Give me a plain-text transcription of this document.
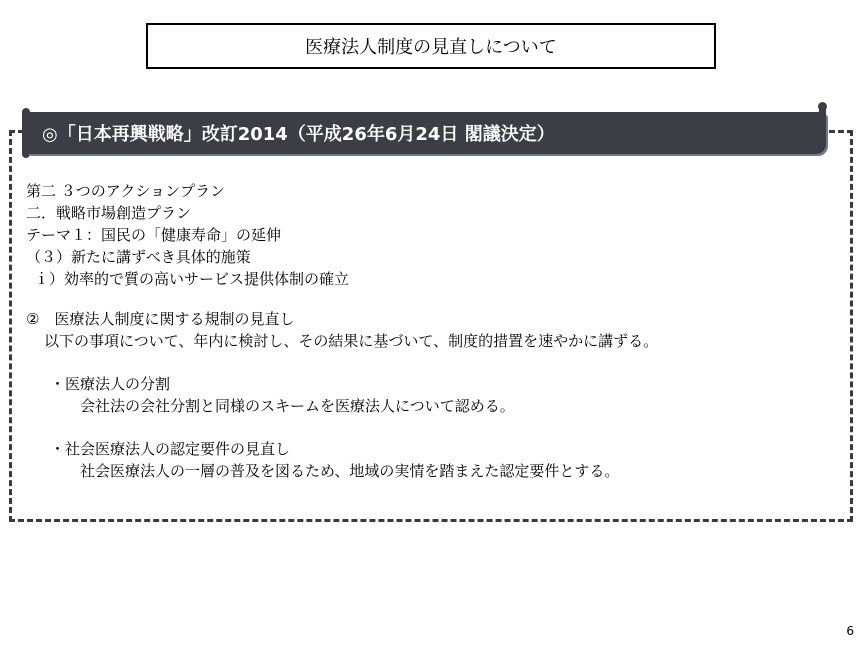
医療法人制度の見直しについて
◎「日本再興戦略」改訂2014（平成26年6月24日 閣議決定）
第二 ３つのアクションプラン
二．戦略市場創造プラン
テーマ１：国民の「健康寿命」の延伸
（３）新たに講ずべき具体的施策
ｉ）効率的で質の高いサービス提供体制の確立
②　医療法人制度に関する規制の見直し
以下の事項について、年内に検討し、その結果に基づいて、制度的措置を速やかに講ずる。
・医療法人の分割
会社法の会社分割と同様のスキームを医療法人について認める。
・社会医療法人の認定要件の見直し
社会医療法人の一層の普及を図るため、地域の実情を踏まえた認定要件とする。
6
